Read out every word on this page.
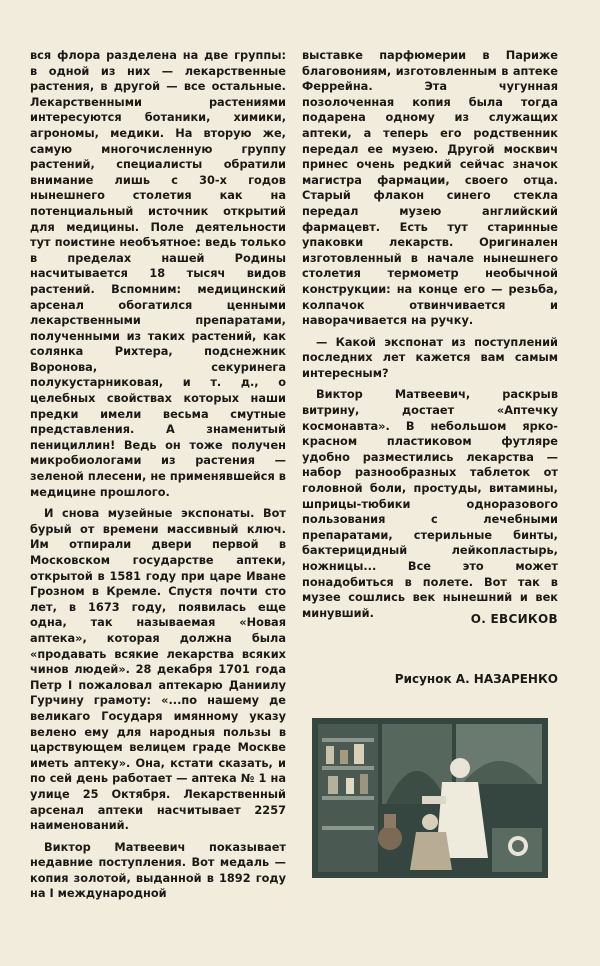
вся флора разделена на две группы: в одной из них — лекарственные растения, в другой — все остальные. Лекарственными растениями интересуются ботаники, химики, агрономы, медики. На вторую же, самую многочисленную группу растений, специалисты обратили внимание лишь с 30-х годов нынешнего столетия как на потенциальный источник открытий для медицины. Поле деятельности тут поистине необъятное: ведь только в пределах нашей Родины насчитывается 18 тысяч видов растений. Вспомним: медицинский арсенал обогатился ценными лекарственными препаратами, полученными из таких растений, как солянка Рихтера, подснежник Воронова, секуринега полукустарниковая, и т. д., о целебных свойствах которых наши предки имели весьма смутные представления. А знаменитый пенициллин! Ведь он тоже получен микробиологами из растения — зеленой плесени, не применявшейся в медицине прошлого.

И снова музейные экспонаты. Вот бурый от времени массивный ключ. Им отпирали двери первой в Московском государстве аптеки, открытой в 1581 году при царе Иване Грозном в Кремле. Спустя почти сто лет, в 1673 году, появилась еще одна, так называемая «Новая аптека», которая должна была «продавать всякие лекарства всяких чинов людей». 28 декабря 1701 года Петр I пожаловал аптекарю Даниилу Гурчину грамоту: «...по нашему де великаго Государя имянному указу велено ему для народныя пользы в царствующем велицем граде Москве иметь аптеку». Она, кстати сказать, и по сей день работает — аптека № 1 на улице 25 Октября. Лекарственный арсенал аптеки насчитывает 2257 наименований.

Виктор Матвеевич показывает недавние поступления. Вот медаль — копия золотой, выданной в 1892 году на I международной

выставке парфюмерии в Париже благовониям, изготовленным в аптеке Феррейна. Эта чугунная позолоченная копия была тогда подарена одному из служащих аптеки, а теперь его родственник передал ее музею. Другой москвич принес очень редкий сейчас значок магистра фармации, своего отца. Старый флакон синего стекла передал музею английский фармацевт. Есть тут старинные упаковки лекарств. Оригинален изготовленный в начале нынешнего столетия термометр необычной конструкции: на конце его — резьба, колпачок отвинчивается и наворачивается на ручку.

— Какой экспонат из поступлений последних лет кажется вам самым интересным?

Виктор Матвеевич, раскрыв витрину, достает «Аптечку космонавта». В небольшом ярко-красном пластиковом футляре удобно разместились лекарства — набор разнообразных таблеток от головной боли, простуды, витамины, шприцы-тюбики одноразового пользования с лечебными препаратами, стерильные бинты, бактерицидный лейкопластырь, ножницы... Все это может понадобиться в полете. Вот так в музее сошлись век нынешний и век минувший.	О. ЕВСИКОВ
Рисунок А. НАЗАРЕНКО
